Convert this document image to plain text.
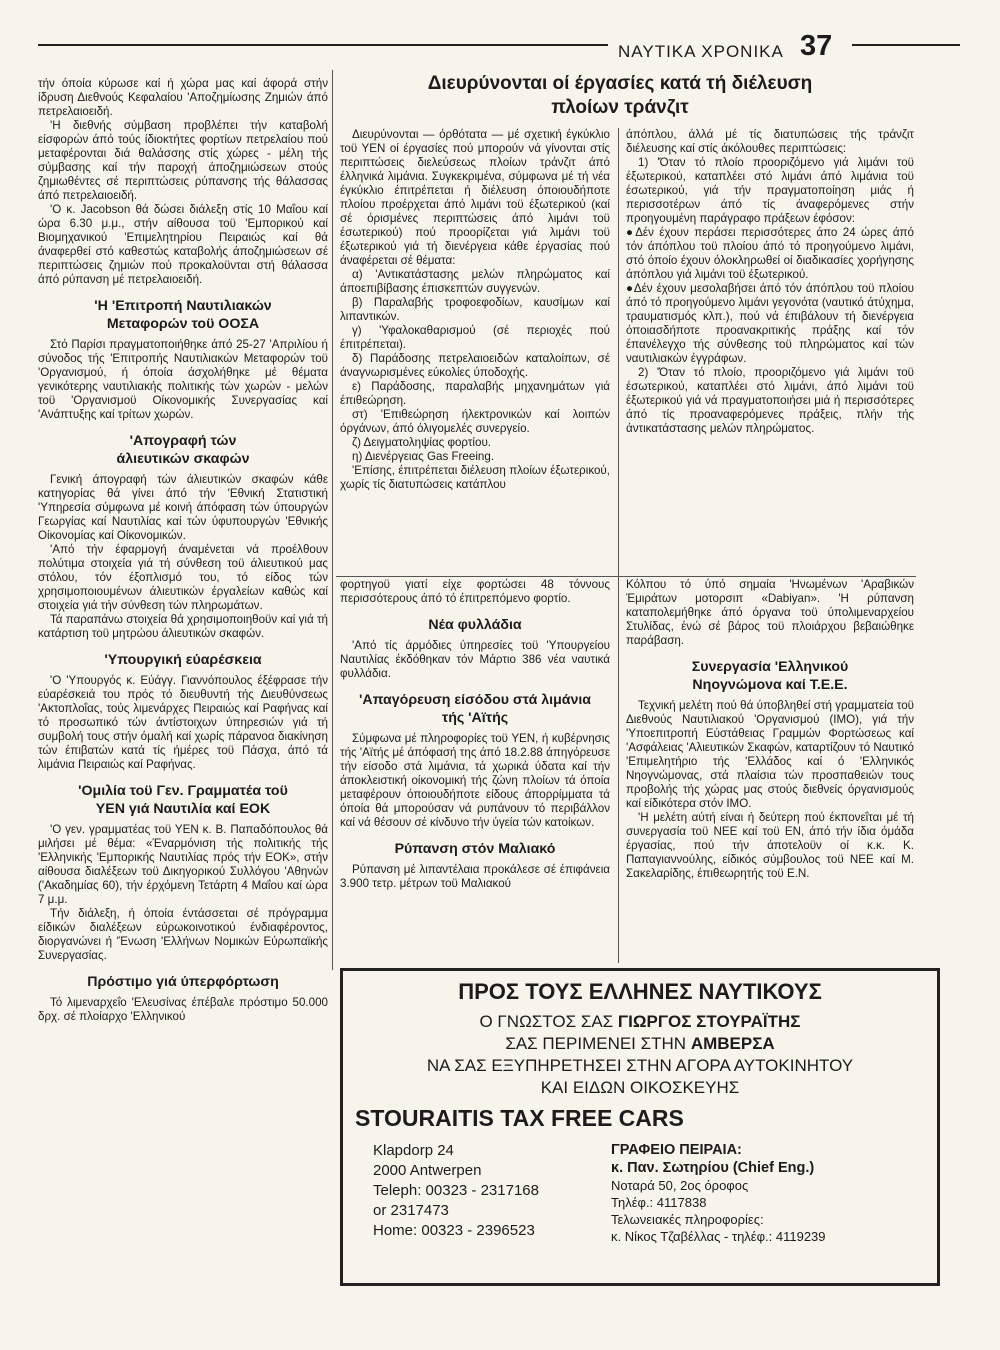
ΝΑΥΤΙΚΑ ΧΡΟΝΙΚΑ 37

τήν όποία κύρωσε καί ή χώρα μας καί άφορά στήν ίδρυση Διεθνούς Κεφαλαίου 'Αποζημίωσης Ζημιών άπό πετρελαιοειδή.

'Η διεθνής σύμβαση προβλέπει τήν καταβολή είσφορών άπό τούς ίδιοκτήτες φορτίων πετρελαίου πού μεταφέρονται διά θαλάσσης στίς χώρες - μέλη τής σύμβασης καί τήν παροχή άποζημιώσεων στούς ζημιωθέντες σέ περιπτώσεις ρύπανσης τής θάλασσας άπό πετρελαιοειδή.

'Ο κ. Jacobson θά δώσει διάλεξη στίς 10 Μαΐου καί ώρα 6.30 μ.μ., στήν αίθουσα τοϋ 'Εμπορικού καί Βιομηχανικού 'Επιμελητηρίου Πειραιώς καί θά άναφερθεί στό καθεστώς καταβολής άποζημιώσεων σέ περιπτώσεις ζημιών πού προκαλοϋνται στή θάλασσα άπό ρύπανση μέ πετρελαιοειδή.

'Η 'Επιτροπή Ναυτιλιακών
Μεταφορών τοϋ ΟΟΣΑ

Στό Παρίσι πραγματοποιήθηκε άπό 25-27 'Απριλίου ή σύνοδος τής 'Επιτροπής Ναυτιλιακών Μεταφορών τοϋ 'Οργανισμού, ή όποία άσχολήθηκε μέ θέματα γενικότερης ναυτιλιακής πολιτικής τών χωρών - μελών τοϋ 'Οργανισμοϋ Οίκονομικής Συνεργασίας καί 'Ανάπτυξης καί τρίτων χωρών.

'Απογραφή τών
άλιευτικών σκαφών

Γενική άπογραφή τών άλιευτικών σκαφών κάθε κατηγορίας θά γίνει άπό τήν 'Εθνική Στατιστική 'Υπηρεσία σύμφωνα μέ κοινή άπόφαση τών ύπουργών Γεωργίας καί Ναυτιλίας καί τών ύφυπουργών 'Εθνικής Οίκονομίας καί Οίκονομικών.

'Από τήν έφαρμογή άναμένεται νά προέλθουν πολύτιμα στοιχεία γιά τή σύνθεση τοϋ άλιευτικού μας στόλου, τόν έξοπλισμό του, τό είδος τών χρησιμοποιουμένων άλιευτικών έργαλείων καθώς καί στοιχεία γιά τήν σύνθεση τών πληρωμάτων.

Τά παραπάνω στοιχεία θά χρησιμοποιηθοϋν καί γιά τή κατάρτιση τοϋ μητρώου άλιευτικών σκαφών.

'Υπουργική εύαρέσκεια

'Ο 'Υπουργός κ. Εύάγγ. Γιαννόπουλος έξέφρασε τήν εύαρέσκειά του πρός τό διευθυντή τής Διευθύνσεως 'Ακτοπλοΐας, τούς λιμενάρχες Πειραιώς καί Ραφήνας καί τό προσωπικό τών άντίστοιχων ύπηρεσιών γιά τή συμβολή τους στήν όμαλή καί χωρίς πάρανοα διακίνηση τών έπιβατών κατά τίς ήμέρες τοϋ Πάσχα, άπό τά λιμάνια Πειραιώς καί Ραφήνας.

'Ομιλία τοϋ Γεν. Γραμματέα τοϋ
ΥΕΝ γιά Ναυτιλία καί ΕΟΚ

'Ο γεν. γραμματέας τοϋ ΥΕΝ κ. Β. Παπαδόπουλος θά μιλήσει μέ θέμα: «Έναρμόνιση τής πολιτικής τής 'Ελληνικής 'Εμπορικής Ναυτιλίας πρός τήν ΕΟΚ», στήν αίθουσα διαλέξεων τοϋ Δικηγορικού Συλλόγου 'Αθηνών ('Ακαδημίας 60), τήν έρχόμενη Τετάρτη 4 Μαΐου καί ώρα 7 μ.μ.

Τήν διάλεξη, ή όποία έντάσσεται σέ πρόγραμμα είδικών διαλέξεων εύρωκοινοτικού ένδιαφέροντος, διοργανώνει ή 'Ένωση 'Ελλήνων Νομικών Εύρωπαϊκής Συνεργασίας.

Πρόστιμο γιά ύπερφόρτωση

Τό λιμεναρχεΐο 'Ελευσίνας έπέβαλε πρόστιμο 50.000 δρχ. σέ πλοίαρχο 'Ελληνικού

Διευρύνονται οί έργασίες κατά τή διέλευση
πλοίων τράνζιτ

Διευρύνονται — όρθότατα — μέ σχετική έγκύκλιο τοϋ ΥΕΝ οί έργασίες πού μπορούν νά γίνονται στίς περιπτώσεις διελεύσεως πλοίων τράνζιτ άπό έλληνικά λιμάνια. Συγκεκριμένα, σύμφωνα μέ τή νέα έγκύκλιο έπιτρέπεται ή διέλευση όποιουδήποτε πλοίου προέρχεται άπό λιμάνι τοϋ έξωτερικού (καί σέ όρισμένες περιπτώσεις άπό λιμάνι τοϋ έσωτερικού) πού προορίζεται γιά λιμάνι τοϋ έξωτερικού γιά τή διενέργεια κάθε έργασίας πού άναφέρεται σέ θέματα:

α) 'Αντικατάστασης μελών πληρώματος καί άποεπιβίβασης έπισκεπτών συγγενών.

β) Παραλαβής τροφοεφοδίων, καυσίμων καί λιπαντικών.

γ) 'Υφαλοκαθαρισμού (σέ περιοχές πού έπιτρέπεται).

δ) Παράδοσης πετρελαιοειδών καταλοίπων, σέ άναγνωρισμένες εύκολίες ύποδοχής.

ε) Παράδοσης, παραλαβής μηχανημάτων γιά έπιθεώρηση.

στ) 'Επιθεώρηση ήλεκτρονικών καί λοιπών όργάνων, άπό όλιγομελές συνεργείο.

ζ) Δειγματοληψίας φορτίου.

η) Διενέργειας Gas Freeing.

'Επίσης, έπιτρέπεται διέλευση πλοίων έξωτερικού, χωρίς τίς διατυπώσεις κατάπλου

άπόπλου, άλλά μέ τίς διατυπώσεις τής τράνζιτ διέλευσης καί στίς άκόλουθες περιπτώσεις:

1) 'Όταν τό πλοίο προοριζόμενο γιά λιμάνι τοϋ έξωτερικού, καταπλέει στό λιμάνι άπό λιμάνια τοϋ έσωτερικού, γιά τήν πραγματοποίηση μιάς ή περισσοτέρων άπό τίς άναφερόμενες στήν προηγουμένη παράγραφο πράξεων έφόσον:

● Δέν έχουν περάσει περισσότερες άπο 24 ώρες άπό τόν άπόπλου τοϋ πλοίου άπό τό προηγούμενο λιμάνι, στό όποίο έχουν όλοκληρωθεί οί διαδικασίες χορήγησης άπόπλου γιά λιμάνι τοϋ έξωτερικού.

● Δέν έχουν μεσολαβήσει άπό τόν άπόπλου τοϋ πλοίου άπό τό προηγούμενο λιμάνι γεγονότα (ναυτικό άτύχημα, τραυματισμός κλπ.), πού νά έπιβάλουν τή διενέργεια όποιασδήποτε προανακριτικής πράξης καί τόν έπανέλεγχο τής σύνθεσης τοϋ πληρώματος καί τών ναυτιλιακών έγγράφων.

2) 'Όταν τό πλοίο, προοριζόμενο γιά λιμάνι τοϋ έσωτερικού, καταπλέει στό λιμάνι, άπό λιμάνι τοϋ έξωτερικού γιά νά πραγματοποιήσει μιά ή περισσότερες άπό τίς προαναφερόμενες πράξεις, πλήν τής άντικατάστασης μελών πληρώματος.

φορτηγοϋ γιατί είχε φορτώσει 48 τόννους περισσότερους άπό τό έπιτρεπόμενο φορτίο.

Νέα φυλλάδια

'Από τίς άρμόδιες ύπηρεσίες τοϋ 'Υπουργείου Ναυτιλίας έκδόθηκαν τόν Μάρτιο 386 νέα ναυτικά φυλλάδια.

'Απαγόρευση είσόδου στά λιμάνια
τής 'Αϊτής

Σύμφωνα μέ πληροφορίες τοϋ ΥΕΝ, ή κυβέρνησις τής 'Αϊτής μέ άπόφασή της άπό 18.2.88 άπηγόρευσε τήν είσοδο στά λιμάνια, τά χωρικά ύδατα καί τήν άποκλειστική οίκονομική τής ζώνη πλοίων τά όποία μεταφέρουν όποιουδήποτε είδους άπορρίμματα τά όποία θά μπορούσαν νά ρυπάνουν τό περιβάλλον καί νά θέσουν σέ κίνδυνο τήν ύγεία τών κατοίκων.

Ρύπανση στόν Μαλιακό

Ρύπανση μέ λιπαντέλαια προκάλεσε σέ έπιφάνεια 3.900 τετρ. μέτρων τοϋ Μαλιακού

Κόλπου τό ύπό σημαία 'Ηνωμένων 'Αραβικών Έμιράτων μοτορσιπ «Dabiyan». 'Η ρύπανση καταπολεμήθηκε άπό όργανα τοϋ ύπολιμεναρχείου Στυλίδας, ένώ σέ βάρος τοϋ πλοιάρχου βεβαιώθηκε παράβαση.

Συνεργασία 'Ελληνικού
Νηογνώμονα καί Τ.Ε.Ε.

Τεχνική μελέτη πού θά ύποβληθεί στή γραμματεία τοϋ Διεθνούς Ναυτιλιακού 'Οργανισμού (ΙΜΟ), γιά τήν 'Υποεπιτροπή Εύστάθειας Γραμμών Φορτώσεως καί 'Ασφάλειας 'Αλιευτικών Σκαφών, καταρτίζουν τό Ναυτικό 'Επιμελητήριο τής 'Ελλάδος καί ό 'Ελληνικός Νηογνώμονας, στά πλαίσια τών προσπαθειών τους προβολής τής χώρας μας στούς διεθνείς όργανισμούς καί είδικότερα στόν ΙΜΟ.

'Η μελέτη αύτή είναι ή δεύτερη πού έκπονεΐται μέ τή συνεργασία τοϋ ΝΕΕ καί τοϋ ΕΝ, άπό τήν ίδια όμάδα έργασίας, πού τήν άποτελοϋν οί κ.κ. Κ. Παπαγιαννούλης, είδικός σύμβουλος τοϋ ΝΕΕ καί Μ. Σακελαρίδης, έπιθεωρητής τοϋ Ε.Ν.

ΠΡΟΣ ΤΟΥΣ ΕΛΛΗΝΕΣ ΝΑΥΤΙΚΟΥΣ
Ο ΓΝΩΣΤΟΣ ΣΑΣ ΓΙΩΡΓΟΣ ΣΤΟΥΡΑΪΤΗΣ
ΣΑΣ ΠΕΡΙΜΕΝΕΙ ΣΤΗΝ ΑΜΒΕΡΣΑ
ΝΑ ΣΑΣ ΕΞΥΠΗΡΕΤΗΣΕΙ ΣΤΗΝ ΑΓΟΡΑ ΑΥΤΟΚΙΝΗΤΟΥ
ΚΑΙ ΕΙΔΩΝ ΟΙΚΟΣΚΕΥΗΣ
STOURAITIS TAX FREE CARS
Klapdorp 24
2000 Antwerpen
Teleph: 00323 - 2317168
or 2317473
Home: 00323 - 2396523
ΓΡΑΦΕΙΟ ΠΕΙΡΑΙΑ:
κ. Παν. Σωτηρίου (Chief Eng.)
Νοταρά 50, 2ος όροφος
Τηλέφ.: 4117838
Τελωνειακές πληροφορίες:
κ. Νίκος Τζαβέλλας - τηλέφ.: 4119239
